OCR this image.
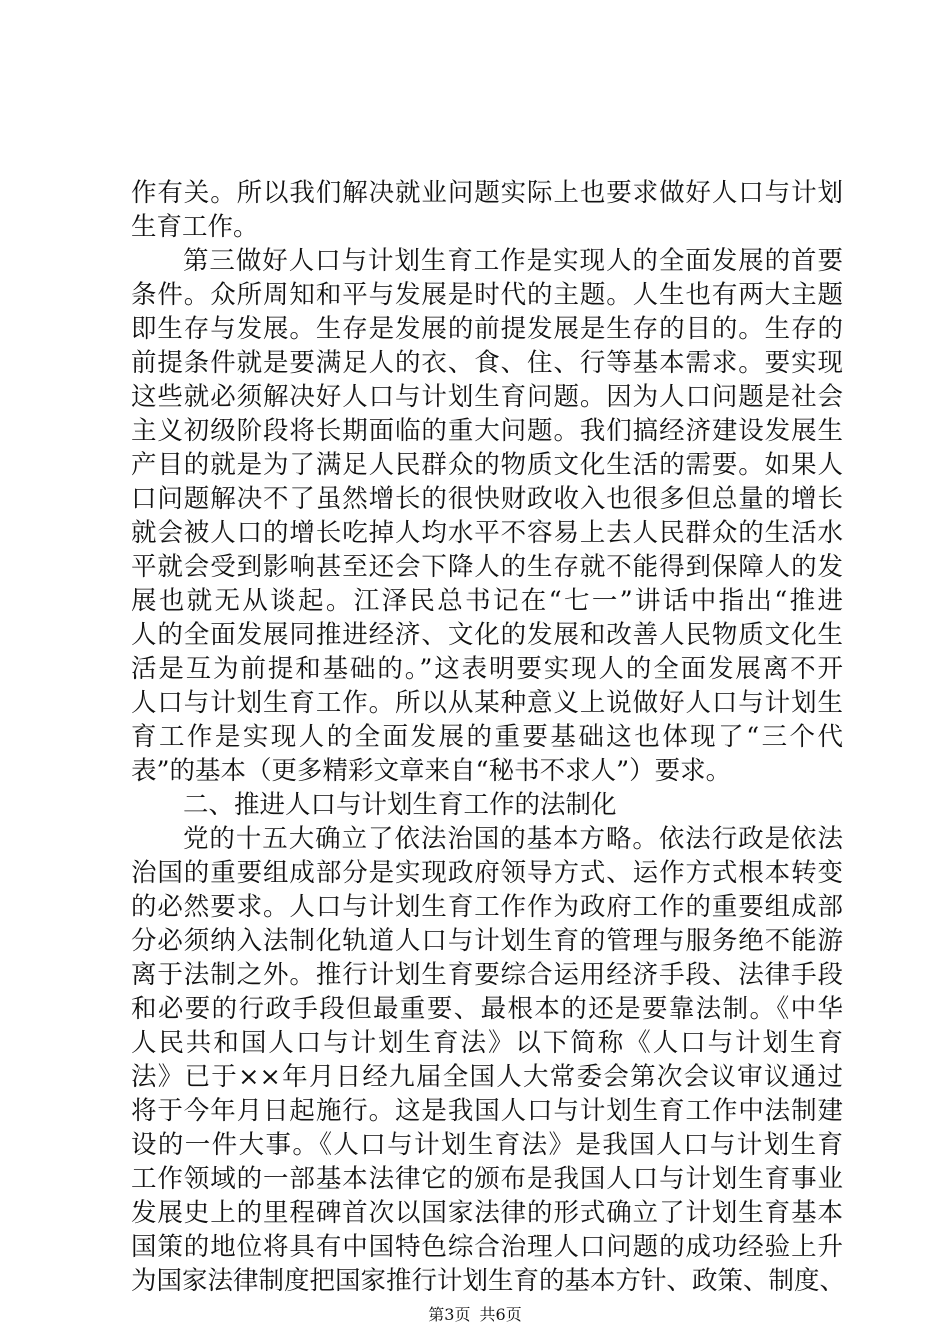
作有关。所以我们解决就业问题实际上也要求做好人口与计划
生育工作。
第三做好人口与计划生育工作是实现人的全面发展的首要
条件。众所周知和平与发展是时代的主题。人生也有两大主题
即生存与发展。生存是发展的前提发展是生存的目的。生存的
前提条件就是要满足人的衣、食、住、行等基本需求。要实现
这些就必须解决好人口与计划生育问题。因为人口问题是社会
主义初级阶段将长期面临的重大问题。我们搞经济建设发展生
产目的就是为了满足人民群众的物质文化生活的需要。如果人
口问题解决不了虽然增长的很快财政收入也很多但总量的增长
就会被人口的增长吃掉人均水平不容易上去人民群众的生活水
平就会受到影响甚至还会下降人的生存就不能得到保障人的发
展也就无从谈起。江泽民总书记在“七一”讲话中指出“推进
人的全面发展同推进经济、文化的发展和改善人民物质文化生
活是互为前提和基础的。”这表明要实现人的全面发展离不开
人口与计划生育工作。所以从某种意义上说做好人口与计划生
育工作是实现人的全面发展的重要基础这也体现了“三个代
表”的基本（更多精彩文章来自“秘书不求人”）要求。
二、推进人口与计划生育工作的法制化
党的十五大确立了依法治国的基本方略。依法行政是依法
治国的重要组成部分是实现政府领导方式、运作方式根本转变
的必然要求。人口与计划生育工作作为政府工作的重要组成部
分必须纳入法制化轨道人口与计划生育的管理与服务绝不能游
离于法制之外。推行计划生育要综合运用经济手段、法律手段
和必要的行政手段但最重要、最根本的还是要靠法制。《中华
人民共和国人口与计划生育法》以下简称《人口与计划生育
法》已于××年月日经九届全国人大常委会第次会议审议通过
将于今年月日起施行。这是我国人口与计划生育工作中法制建
设的一件大事。《人口与计划生育法》是我国人口与计划生育
工作领域的一部基本法律它的颁布是我国人口与计划生育事业
发展史上的里程碑首次以国家法律的形式确立了计划生育基本
国策的地位将具有中国特色综合治理人口问题的成功经验上升
为国家法律制度把国家推行计划生育的基本方针、政策、制度、
第3页 共6页
